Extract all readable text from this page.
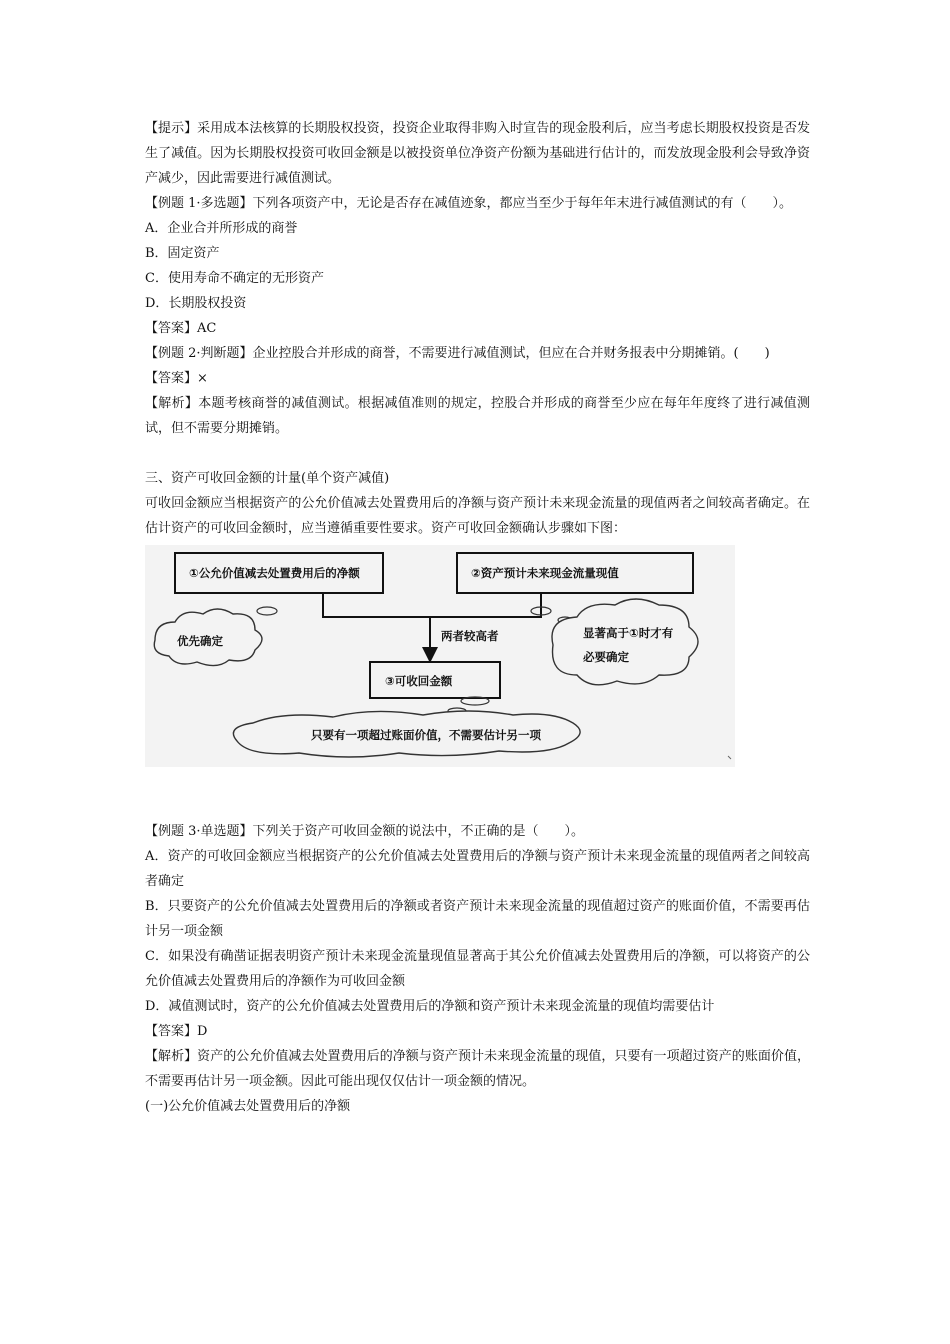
【提示】采用成本法核算的长期股权投资，投资企业取得非购入时宣告的现金股利后，应当考虑长期股权投资是否发生了减值。因为长期股权投资可收回金额是以被投资单位净资产份额为基础进行估计的，而发放现金股利会导致净资产减少，因此需要进行减值测试。

【例题 1·多选题】下列各项资产中，无论是否存在减值迹象，都应当至少于每年年末进行减值测试的有（　　）。

A．企业合并所形成的商誉

B．固定资产

C．使用寿命不确定的无形资产

D．长期股权投资

【答案】AC

【例题 2·判断题】企业控股合并形成的商誉，不需要进行减值测试，但应在合并财务报表中分期摊销。(　　)

【答案】×

【解析】本题考核商誉的减值测试。根据减值准则的规定，控股合并形成的商誉至少应在每年年度终了进行减值测试，但不需要分期摊销。

三、资产可收回金额的计量(单个资产减值)

可收回金额应当根据资产的公允价值减去处置费用后的净额与资产预计未来现金流量的现值两者之间较高者确定。在估计资产的可收回金额时，应当遵循重要性要求。资产可收回金额确认步骤如下图：

①公允价值减去处置费用后的净额	②资产预计未来现金流量现值
两者较高者
③可收回金额
优先确定
显著高于①时才有
必要确定
只要有一项超过账面价值，不需要估计另一项

【例题 3·单选题】下列关于资产可收回金额的说法中，不正确的是（　　）。

A．资产的可收回金额应当根据资产的公允价值减去处置费用后的净额与资产预计未来现金流量的现值两者之间较高者确定

B．只要资产的公允价值减去处置费用后的净额或者资产预计未来现金流量的现值超过资产的账面价值，不需要再估计另一项金额

C．如果没有确凿证据表明资产预计未来现金流量现值显著高于其公允价值减去处置费用后的净额，可以将资产的公允价值减去处置费用后的净额作为可收回金额

D．减值测试时，资产的公允价值减去处置费用后的净额和资产预计未来现金流量的现值均需要估计

【答案】D

【解析】资产的公允价值减去处置费用后的净额与资产预计未来现金流量的现值，只要有一项超过资产的账面价值，不需要再估计另一项金额。因此可能出现仅仅估计一项金额的情况。

(一)公允价值减去处置费用后的净额
